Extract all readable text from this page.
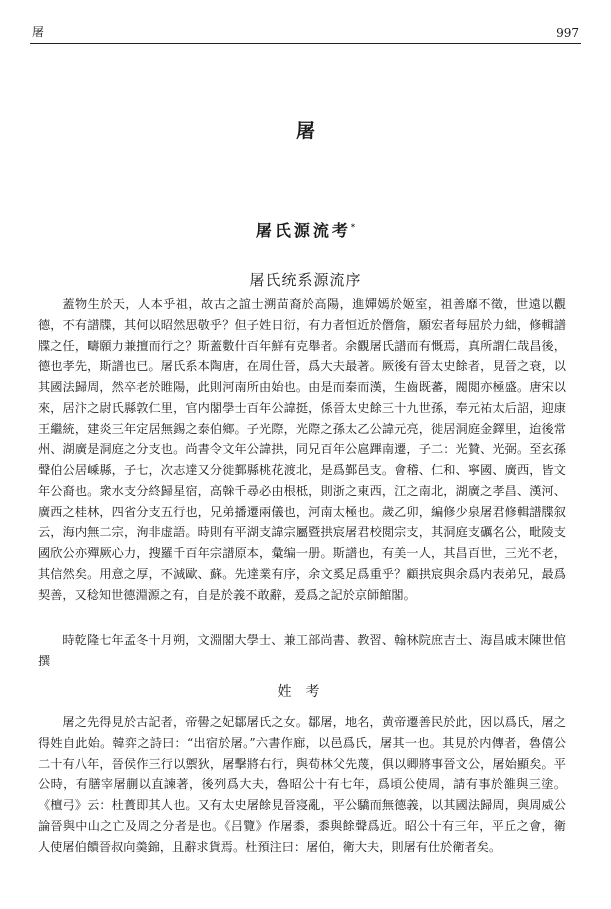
屠	997
屠
屠氏源流考*
屠氏统系源流序

蓋物生於天，人本乎祖，故古之誼士溯苗裔於高陽，進嬋嫣於姬室，祖善靡不徵，世遠以觀德，不有譜牒，其何以昭然思敬乎？但子姓日衍，有力者恒近於僭詹，願宏者每屈於力絀，修輯譜牒之任，疇願力兼擅而行之？斯蓋數什百年鮮有克舉者。余觀屠氏譜而有慨焉，真所謂仁哉昌後，德也孝先，斯譜也已。屠氏系本陶唐，在周仕晉，爲大夫最著。厥後有晉太史餘者，見晉之衰，以其國法歸周，然卒老於睢陽，此則河南所由始也。由是而秦而漢，生齒既蕃，閥閲亦極盛。唐宋以來，居汴之尉氏縣敦仁里，官内閣學士百年公諱挺，係晉太史餘三十九世孫，奉元祐太后詔，迎康王繼統，建炎三年定居無錫之泰伯鄉。子光際，光際之孫太乙公諱元亮，徙居洞庭金鐸里，迨後常州、湖廣是洞庭之分支也。尚書令文年公諱拱，同兄百年公扈蹕南遷，子二：光贊、光弼。至玄孫聲伯公居嵊縣，子七，次志達又分徙鄞縣桃花渡北，是爲鄞邑支。會稽、仁和、寧國、廣西，皆文年公裔也。衆水支分終歸星宿，高榦千尋必由根柢，則浙之東西，江之南北，湖廣之孝昌、漢河、廣西之桂林，四省分支五行也，兄弟播遷兩儀也，河南太極也。歲乙卯，編修少泉屠君修輯譜牒叙云，海内無二宗，洵非虚語。時則有平湖支諱宗屬暨拱宸屠君校閲宗支，其洞庭支礪名公，毗陵支國欣公亦殫厥心力，搜羅千百年宗譜原本，彙编一册。斯譜也，有美一人，其昌百世，三光不老，其信然矣。用意之厚，不減歐、蘇。先達業有序，余文奚足爲重乎？顧拱宸與余爲内表弟兄，最爲契善，又稔知世德淵源之有，自是於義不敢辭，爰爲之記於京師館閣。

時乾隆七年孟冬十月朔，文淵閣大學士、兼工部尚書、教習、翰林院庶吉士、海昌戚末陳世倌撰

姓考

屠之先得見於古記者，帝嚳之妃鄒屠氏之女。鄒屠，地名，黄帝遷善民於此，因以爲氏，屠之得姓自此始。韓弈之詩曰：“出宿於屠。”六書作廊，以邑爲氏，屠其一也。其見於内傳者，魯僖公二十有八年，晉侯作三行以禦狄，屠擊將右行，與荀林父先蔑，俱以卿將事晉文公，屠始顯矣。平公時，有膳宰屠蒯以直諫著，後列爲大夫，魯昭公十有七年，爲頃公使周，請有事於雒與三塗。《檀弓》云：杜蕢即其人也。又有太史屠餘見晉寖亂，平公驕而無德義，以其國法歸周，與周威公論晉與中山之亡及周之分者是也。《吕覽》作屠黍，黍與餘聲爲近。昭公十有三年，平丘之會，衛人使屠伯饋晉叔向羮錦，且辭求貨焉。杜預注曰：屠伯，衛大夫，則屠有仕於衛者矣。
